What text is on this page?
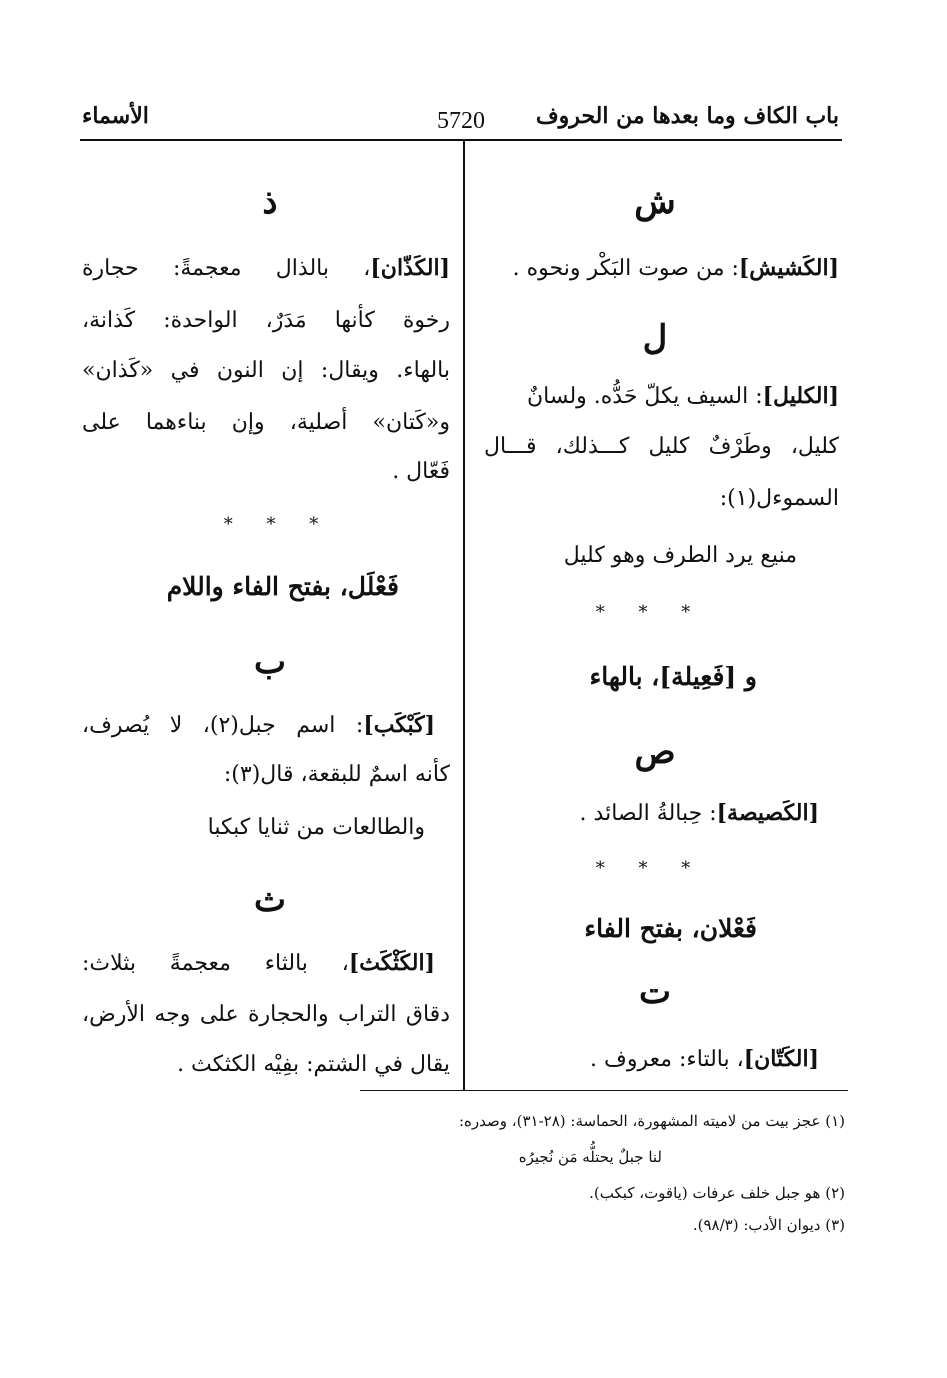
باب الكاف وما بعدها من الحروف
5720
الأسماء
ش
[الكَشيش]: من صوت البَكْر ونحوه .
ل
[الكليل]: السيف يكلّ حَدُّه. ولسانٌ
كليل، وطَرْفٌ كليل كـــذلك، قـــال
السموءل(١):
منيع يرد الطرف وهو كليل
* * *
و [فَعِيلة]، بالهاء
ص
[الكَصيصة]: حِبالةُ الصائد .
* * *
فَعْلان، بفتح الفاء
ت
[الكَتّان]، بالتاء: معروف .
ذ
[الكَذّان]، بالذال معجمةً: حجارة
رخوة كأنها مَدَرٌ، الواحدة: كَذانة،
بالهاء. ويقال: إن النون في «كَذان»
و«كَتان» أصلية، وإن بناءهما على
فَعّال .
* * *
فَعْلَل، بفتح الفاء واللام
ب
[كَبْكَب]: اسم جبل(٢)، لا يُصرف،
كأنه اسمٌ للبقعة، قال(٣):
والطالعات من ثنايا كبكبا
ث
[الكَثْكَث]، بالثاء معجمةً بثلاث:
دقاق التراب والحجارة على وجه الأرض،
يقال في الشتم: بفِيْه الكثكث .
(١) عجز بيت من لاميته المشهورة، الحماسة: (٢٨-٣١)، وصدره:
لنا جبلٌ يحتلُّه مَن نُجيرُه
(٢) هو جبل خلف عرفات (ياقوت، كبكب).
(٣) ديوان الأدب: (٩٨/٣).
